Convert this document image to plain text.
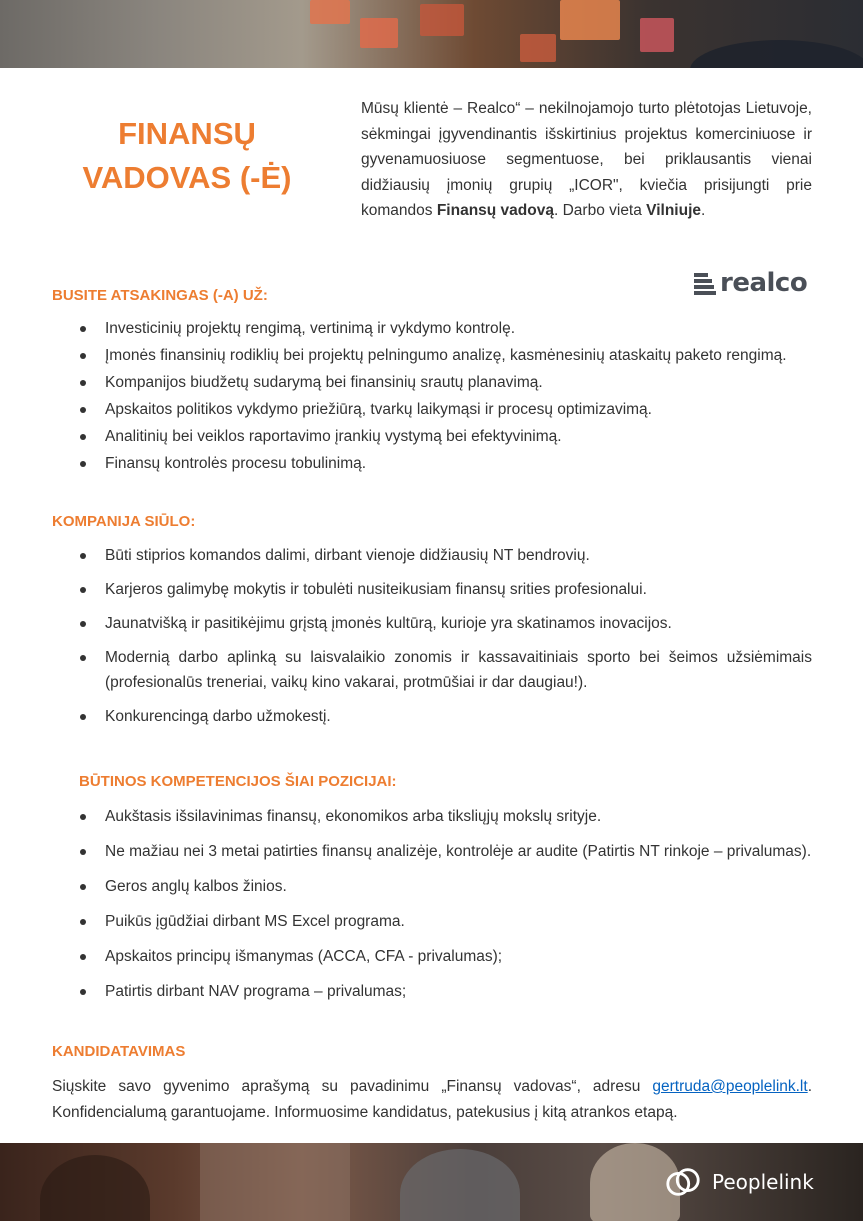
FINANSŲ
VADOVAS (-Ė)
Mūsų klientė – Realco“ – nekilnojamojo turto plėtotojas Lietuvoje, sėkmingai įgyvendinantis išskirtinius projektus komerciniuose ir gyvenamuosiuose segmentuose, bei priklausantis vienai didžiausių įmonių grupių „ICOR", kviečia prisijungti prie komandos Finansų vadovą. Darbo vieta Vilniuje.
realco
BUSITE ATSAKINGAS (-A) UŽ:
Investicinių projektų rengimą, vertinimą ir vykdymo kontrolę.
Įmonės finansinių rodiklių bei projektų pelningumo analizę, kasmėnesinių ataskaitų paketo rengimą.
Kompanijos biudžetų sudarymą bei finansinių srautų planavimą.
Apskaitos politikos vykdymo priežiūrą, tvarkų laikymąsi ir procesų optimizavimą.
Analitinių bei veiklos raportavimo įrankių vystymą bei efektyvinimą.
Finansų kontrolės procesu tobulinimą.
KOMPANIJA SIŪLO:
Būti stiprios komandos dalimi, dirbant vienoje didžiausių NT bendrovių.
Karjeros galimybę mokytis ir tobulėti nusiteikusiam finansų srities profesionalui.
Jaunatvišką ir pasitikėjimu grįstą įmonės kultūrą, kurioje yra skatinamos inovacijos.
Modernią darbo aplinką su laisvalaikio zonomis ir kassavaitiniais sporto bei šeimos užsiėmimais (profesionalūs treneriai, vaikų kino vakarai, protmūšiai ir dar daugiau!).
Konkurencingą darbo užmokestį.
BŪTINOS KOMPETENCIJOS ŠIAI POZICIJAI:
Aukštasis išsilavinimas finansų, ekonomikos arba tiksliųjų mokslų srityje.
Ne mažiau nei 3 metai patirties finansų analizėje, kontrolėje ar audite (Patirtis NT rinkoje – privalumas).
Geros anglų kalbos žinios.
Puikūs įgūdžiai dirbant MS Excel programa.
Apskaitos principų išmanymas (ACCA, CFA - privalumas);
Patirtis dirbant NAV programa – privalumas;
KANDIDATAVIMAS
Siųskite savo gyvenimo aprašymą su pavadinimu „Finansų vadovas“, adresu gertruda@peoplelink.lt. Konfidencialumą garantuojame. Informuosime kandidatus, patekusius į kitą atrankos etapą.
Peoplelink
